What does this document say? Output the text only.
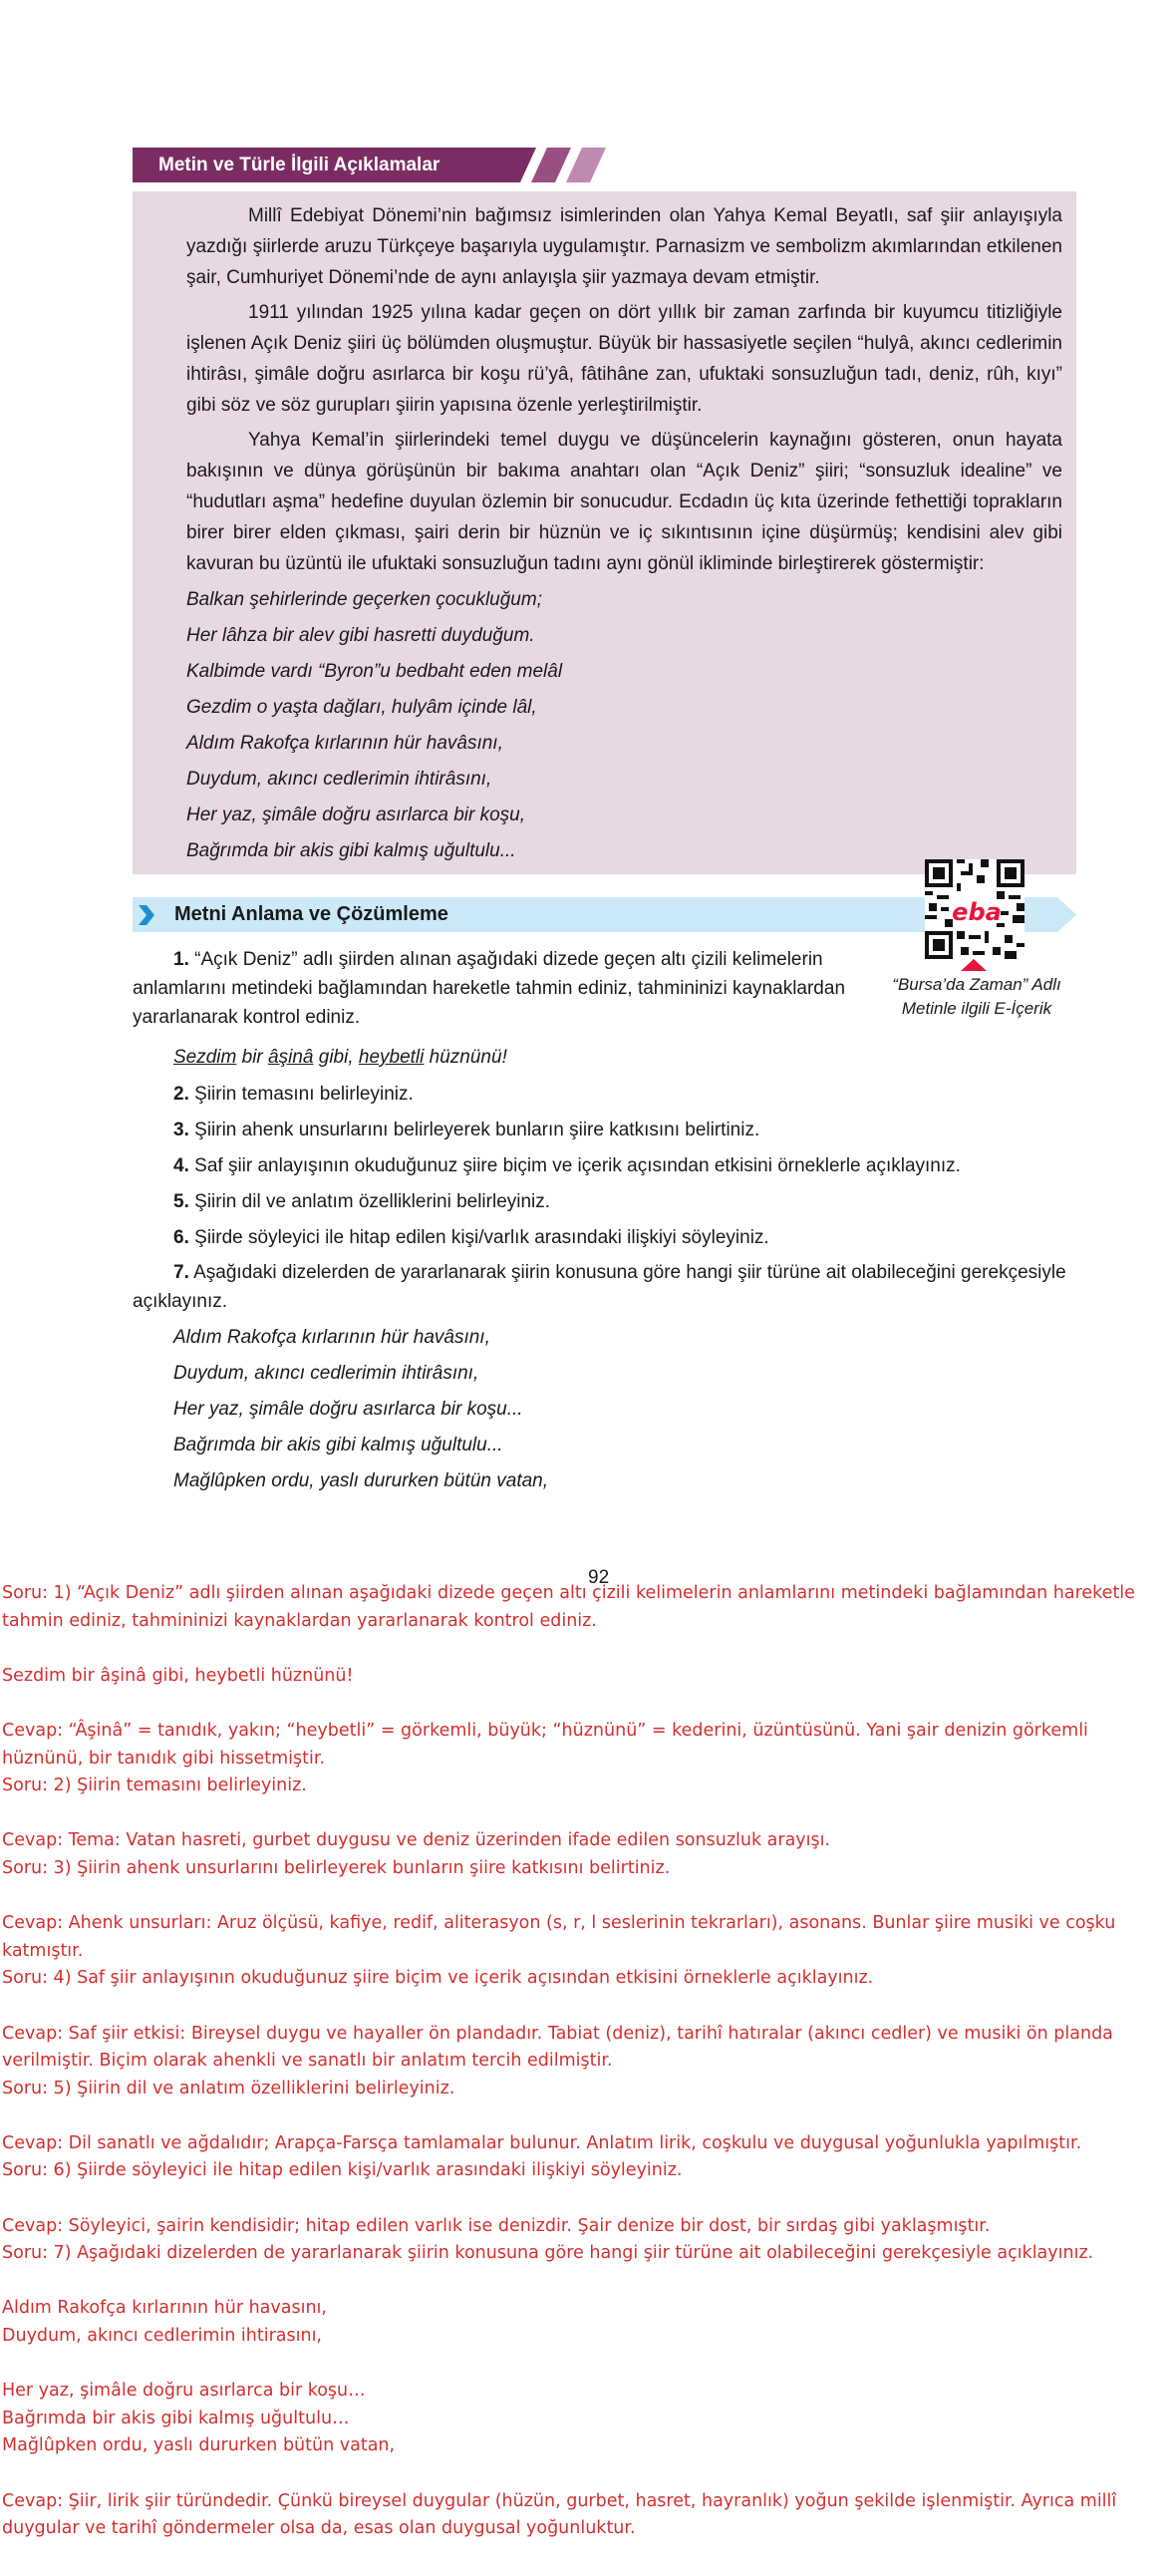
Metin ve Türle İlgili Açıklamalar

Millî Edebiyat Dönemi’nin bağımsız isimlerinden olan Yahya Kemal Beyatlı, saf şiir anlayışıyla yazdığı şiirlerde aruzu Türkçeye başarıyla uygulamıştır. Parnasizm ve sembolizm akımlarından etkilenen şair, Cumhuriyet Dönemi’nde de aynı anlayışla şiir yazmaya devam etmiştir.

1911 yılından 1925 yılına kadar geçen on dört yıllık bir zaman zarfında bir kuyumcu titizliğiyle işlenen Açık Deniz şiiri üç bölümden oluşmuştur. Büyük bir hassasiyetle seçilen “hulyâ, akıncı cedlerimin ihtirâsı, şimâle doğru asırlarca bir koşu rü’yâ, fâtihâne zan, ufuktaki sonsuzluğun tadı, deniz, rûh, kıyı” gibi söz ve söz gurupları şiirin yapısına özenle yerleştirilmiştir.

Yahya Kemal’in şiirlerindeki temel duygu ve düşüncelerin kaynağını gösteren, onun hayata bakışının ve dünya görüşünün bir bakıma anahtarı olan “Açık Deniz” şiiri; “sonsuzluk idealine” ve “hudutları aşma” hedefine duyulan özlemin bir sonucudur. Ecdadın üç kıta üzerinde fethettiği toprakların birer birer elden çıkması, şairi derin bir hüznün ve iç sıkıntısının içine düşürmüş; kendisini alev gibi kavuran bu üzüntü ile ufuktaki sonsuzluğun tadını aynı gönül ikliminde birleştirerek göstermiştir:

Balkan şehirlerinde geçerken çocukluğum;
Her lâhza bir alev gibi hasretti duyduğum.
Kalbimde vardı “Byron”u bedbaht eden melâl
Gezdim o yaşta dağları, hulyâm içinde lâl,
Aldım Rakofça kırlarının hür havâsını,
Duydum, akıncı cedlerimin ihtirâsını,
Her yaz, şimâle doğru asırlarca bir koşu,
Bağrımda bir akis gibi kalmış uğultulu...
Metni Anlama ve Çözümleme	eba
“Bursa’da Zaman” Adlı
Metinle ilgili E-İçerik
1. “Açık Deniz” adlı şiirden alınan aşağıdaki dizede geçen altı çizili kelimelerin anlamlarını metindeki bağlamından hareketle tahmin ediniz, tahmininizi kaynaklardan yararlanarak kontrol ediniz.
Sezdim bir âşinâ gibi, heybetli hüznünü!
2. Şiirin temasını belirleyiniz.
3. Şiirin ahenk unsurlarını belirleyerek bunların şiire katkısını belirtiniz.
4. Saf şiir anlayışının okuduğunuz şiire biçim ve içerik açısından etkisini örneklerle açıklayınız.
5. Şiirin dil ve anlatım özelliklerini belirleyiniz.
6. Şiirde söyleyici ile hitap edilen kişi/varlık arasındaki ilişkiyi söyleyiniz.
7. Aşağıdaki dizelerden de yararlanarak şiirin konusuna göre hangi şiir türüne ait olabileceğini gerekçesiyle açıklayınız.
Aldım Rakofça kırlarının hür havâsını,
Duydum, akıncı cedlerimin ihtirâsını,
Her yaz, şimâle doğru asırlarca bir koşu...
Bağrımda bir akis gibi kalmış uğultulu...
Mağlûpken ordu, yaslı dururken bütün vatan,
92
Soru: 1) “Açık Deniz” adlı şiirden alınan aşağıdaki dizede geçen altı çizili kelimelerin anlamlarını metindeki bağlamından hareketle tahmin ediniz, tahmininizi kaynaklardan yararlanarak kontrol ediniz.
Sezdim bir âşinâ gibi, heybetli hüznünü!
Cevap: “Âşinâ” = tanıdık, yakın; “heybetli” = görkemli, büyük; “hüznünü” = kederini, üzüntüsünü. Yani şair denizin görkemli hüznünü, bir tanıdık gibi hissetmiştir.
Soru: 2) Şiirin temasını belirleyiniz.
Cevap: Tema: Vatan hasreti, gurbet duygusu ve deniz üzerinden ifade edilen sonsuzluk arayışı.
Soru: 3) Şiirin ahenk unsurlarını belirleyerek bunların şiire katkısını belirtiniz.
Cevap: Ahenk unsurları: Aruz ölçüsü, kafiye, redif, aliterasyon (s, r, l seslerinin tekrarları), asonans. Bunlar şiire musiki ve coşku katmıştır.
Soru: 4) Saf şiir anlayışının okuduğunuz şiire biçim ve içerik açısından etkisini örneklerle açıklayınız.
Cevap: Saf şiir etkisi: Bireysel duygu ve hayaller ön plandadır. Tabiat (deniz), tarihî hatıralar (akıncı cedler) ve musiki ön planda verilmiştir. Biçim olarak ahenkli ve sanatlı bir anlatım tercih edilmiştir.
Soru: 5) Şiirin dil ve anlatım özelliklerini belirleyiniz.
Cevap: Dil sanatlı ve ağdalıdır; Arapça-Farsça tamlamalar bulunur. Anlatım lirik, coşkulu ve duygusal yoğunlukla yapılmıştır.
Soru: 6) Şiirde söyleyici ile hitap edilen kişi/varlık arasındaki ilişkiyi söyleyiniz.
Cevap: Söyleyici, şairin kendisidir; hitap edilen varlık ise denizdir. Şair denize bir dost, bir sırdaş gibi yaklaşmıştır.
Soru: 7) Aşağıdaki dizelerden de yararlanarak şiirin konusuna göre hangi şiir türüne ait olabileceğini gerekçesiyle açıklayınız.
Aldım Rakofça kırlarının hür havasını,
Duydum, akıncı cedlerimin ihtirasını,
Her yaz, şimâle doğru asırlarca bir koşu…
Bağrımda bir akis gibi kalmış uğultulu…
Mağlûpken ordu, yaslı dururken bütün vatan,
Cevap: Şiir, lirik şiir türündedir. Çünkü bireysel duygular (hüzün, gurbet, hasret, hayranlık) yoğun şekilde işlenmiştir. Ayrıca millî duygular ve tarihî göndermeler olsa da, esas olan duygusal yoğunluktur.
